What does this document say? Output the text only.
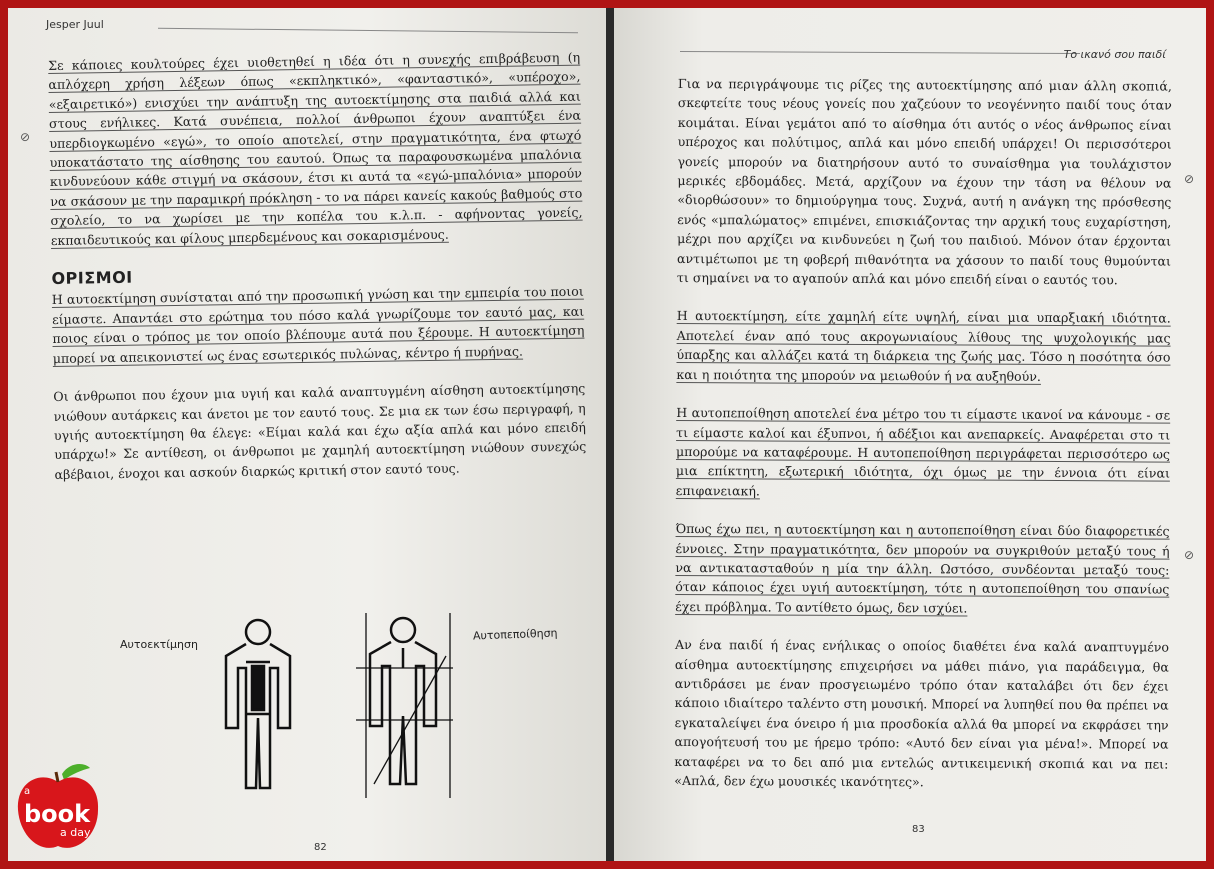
Jesper Juul
⊘

Σε κάποιες κουλτούρες έχει υιοθετηθεί η ιδέα ότι η συνεχής επιβράβευση (η απλόχερη χρήση λέξεων όπως «εκπληκτικό», «φανταστικό», «υπέροχο», «εξαιρετικό») ενισχύει την ανάπτυξη της αυτοεκτίμησης στα παιδιά αλλά και στους ενήλικες. Κατά συνέπεια, πολλοί άνθρωποι έχουν αναπτύξει ένα υπερδιογκωμένο «εγώ», το οποίο αποτελεί, στην πραγματικότητα, ένα φτωχό υποκατάστατο της αίσθησης του εαυτού. Όπως τα παραφουσκωμένα μπαλόνια κινδυνεύουν κάθε στιγμή να σκάσουν, έτσι κι αυτά τα «εγώ-μπαλόνια» μπορούν να σκάσουν με την παραμικρή πρόκληση - το να πάρει κανείς κακούς βαθμούς στο σχολείο, το να χωρίσει με την κοπέλα του κ.λ.π. - αφήνοντας γονείς, εκπαιδευτικούς και φίλους μπερδεμένους και σοκαρισμένους.

ΟΡΙΣΜΟΙ

Η αυτοεκτίμηση συνίσταται από την προσωπική γνώση και την εμπειρία του ποιοι είμαστε. Απαντάει στο ερώτημα του πόσο καλά γνωρίζουμε τον εαυτό μας, και ποιος είναι ο τρόπος με τον οποίο βλέπουμε αυτά που ξέρουμε. Η αυτοεκτίμηση μπορεί να απεικονιστεί ως ένας εσωτερικός πυλώνας, κέντρο ή πυρήνας.

Οι άνθρωποι που έχουν μια υγιή και καλά αναπτυγμένη αίσθηση αυτοεκτίμησης νιώθουν αυτάρκεις και άνετοι με τον εαυτό τους. Σε μια εκ των έσω περιγραφή, η υγιής αυτοεκτίμηση θα έλεγε: «Είμαι καλά και έχω αξία απλά και μόνο επειδή υπάρχω!» Σε αντίθεση, οι άνθρωποι με χαμηλή αυτοεκτίμηση νιώθουν συνεχώς αβέβαιοι, ένοχοι και ασκούν διαρκώς κριτική στον εαυτό τους.

Αυτοεκτίμηση
Αυτοπεποίθηση
82
Το ικανό σου παιδί
⊘
⊘

Για να περιγράψουμε τις ρίζες της αυτοεκτίμησης από μιαν άλλη σκοπιά, σκεφτείτε τους νέους γονείς που χαζεύουν το νεογέννητο παιδί τους όταν κοιμάται. Είναι γεμάτοι από το αίσθημα ότι αυτός ο νέος άνθρωπος είναι υπέροχος και πολύτιμος, απλά και μόνο επειδή υπάρχει! Οι περισσότεροι γονείς μπορούν να διατηρήσουν αυτό το συναίσθημα για τουλάχιστον μερικές εβδομάδες. Μετά, αρχίζουν να έχουν την τάση να θέλουν να «διορθώσουν» το δημιούργημα τους. Συχνά, αυτή η ανάγκη της πρόσθεσης ενός «μπαλώματος» επιμένει, επισκιάζοντας την αρχική τους ευχαρίστηση, μέχρι που αρχίζει να κινδυνεύει η ζωή του παιδιού. Μόνον όταν έρχονται αντιμέτωποι με τη φοβερή πιθανότητα να χάσουν το παιδί τους θυμούνται τι σημαίνει να το αγαπούν απλά και μόνο επειδή είναι ο εαυτός του.

Η αυτοεκτίμηση, είτε χαμηλή είτε υψηλή, είναι μια υπαρξιακή ιδιότητα. Αποτελεί έναν από τους ακρογωνιαίους λίθους της ψυχολογικής μας ύπαρξης και αλλάζει κατά τη διάρκεια της ζωής μας. Τόσο η ποσότητα όσο και η ποιότητα της μπορούν να μειωθούν ή να αυξηθούν.

Η αυτοπεποίθηση αποτελεί ένα μέτρο του τι είμαστε ικανοί να κάνουμε - σε τι είμαστε καλοί και έξυπνοι, ή αδέξιοι και ανεπαρκείς. Αναφέρεται στο τι μπορούμε να καταφέρουμε. Η αυτοπεποίθηση περιγράφεται περισσότερο ως μια επίκτητη, εξωτερική ιδιότητα, όχι όμως με την έννοια ότι είναι επιφανειακή.

Όπως έχω πει, η αυτοεκτίμηση και η αυτοπεποίθηση είναι δύο διαφορετικές έννοιες. Στην πραγματικότητα, δεν μπορούν να συγκριθούν μεταξύ τους ή να αντικατασταθούν η μία την άλλη. Ωστόσο, συνδέονται μεταξύ τους: όταν κάποιος έχει υγιή αυτοεκτίμηση, τότε η αυτοπεποίθηση του σπανίως έχει πρόβλημα. Το αντίθετο όμως, δεν ισχύει.

Αν ένα παιδί ή ένας ενήλικας ο οποίος διαθέτει ένα καλά αναπτυγμένο αίσθημα αυτοεκτίμησης επιχειρήσει να μάθει πιάνο, για παράδειγμα, θα αντιδράσει με έναν προσγειωμένο τρόπο όταν καταλάβει ότι δεν έχει κάποιο ιδιαίτερο ταλέντο στη μουσική. Μπορεί να λυπηθεί που θα πρέπει να εγκαταλείψει ένα όνειρο ή μια προσδοκία αλλά θα μπορεί να εκφράσει την απογοήτευσή του με ήρεμο τρόπο: «Αυτό δεν είναι για μένα!». Μπορεί να καταφέρει να το δει από μια εντελώς αντικειμενική σκοπιά και να πει: «Απλά, δεν έχω μουσικές ικανότητες».

83
a
book
a day
